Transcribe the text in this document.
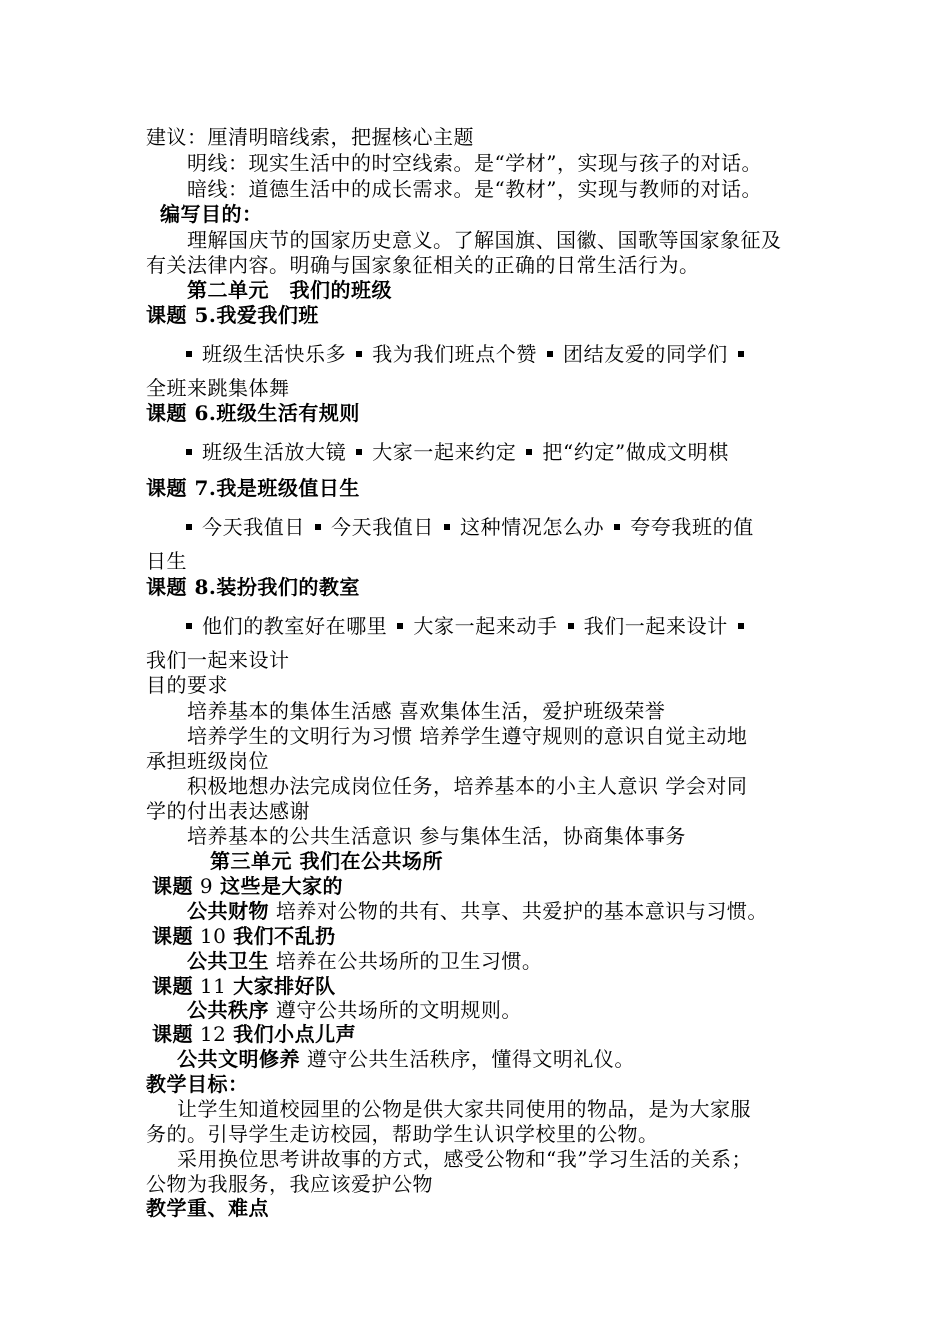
建议：厘清明暗线索，把握核心主题
明线：现实生活中的时空线索。是“学材”，实现与孩子的对话。
暗线：道德生活中的成长需求。是“教材”，实现与教师的对话。
编写目的：
理解国庆节的国家历史意义。了解国旗、国徽、国歌等国家象征及
有关法律内容。明确与国家象征相关的正确的日常生活行为。
第二单元　我们的班级
课题 5.我爱我们班
班级生活快乐多 我为我们班点个赞 团结友爱的同学们
全班来跳集体舞
课题 6.班级生活有规则
班级生活放大镜 大家一起来约定 把“约定”做成文明棋
课题 7.我是班级值日生
今天我值日 今天我值日 这种情况怎么办 夸夸我班的值
日生
课题 8.装扮我们的教室
他们的教室好在哪里 大家一起来动手 我们一起来设计
我们一起来设计
目的要求
培养基本的集体生活感 喜欢集体生活，爱护班级荣誉
培养学生的文明行为习惯 培养学生遵守规则的意识自觉主动地
承担班级岗位
积极地想办法完成岗位任务，培养基本的小主人意识 学会对同
学的付出表达感谢
培养基本的公共生活意识 参与集体生活，协商集体事务
第三单元 我们在公共场所
课题 9 这些是大家的
公共财物 培养对公物的共有、共享、共爱护的基本意识与习惯。
课题 10 我们不乱扔
公共卫生 培养在公共场所的卫生习惯。
课题 11 大家排好队
公共秩序 遵守公共场所的文明规则。
课题 12 我们小点儿声
公共文明修养 遵守公共生活秩序，懂得文明礼仪。
教学目标：
让学生知道校园里的公物是供大家共同使用的物品，是为大家服
务的。引导学生走访校园，帮助学生认识学校里的公物。
采用换位思考讲故事的方式，感受公物和“我”学习生活的关系；
公物为我服务，我应该爱护公物
教学重、难点
